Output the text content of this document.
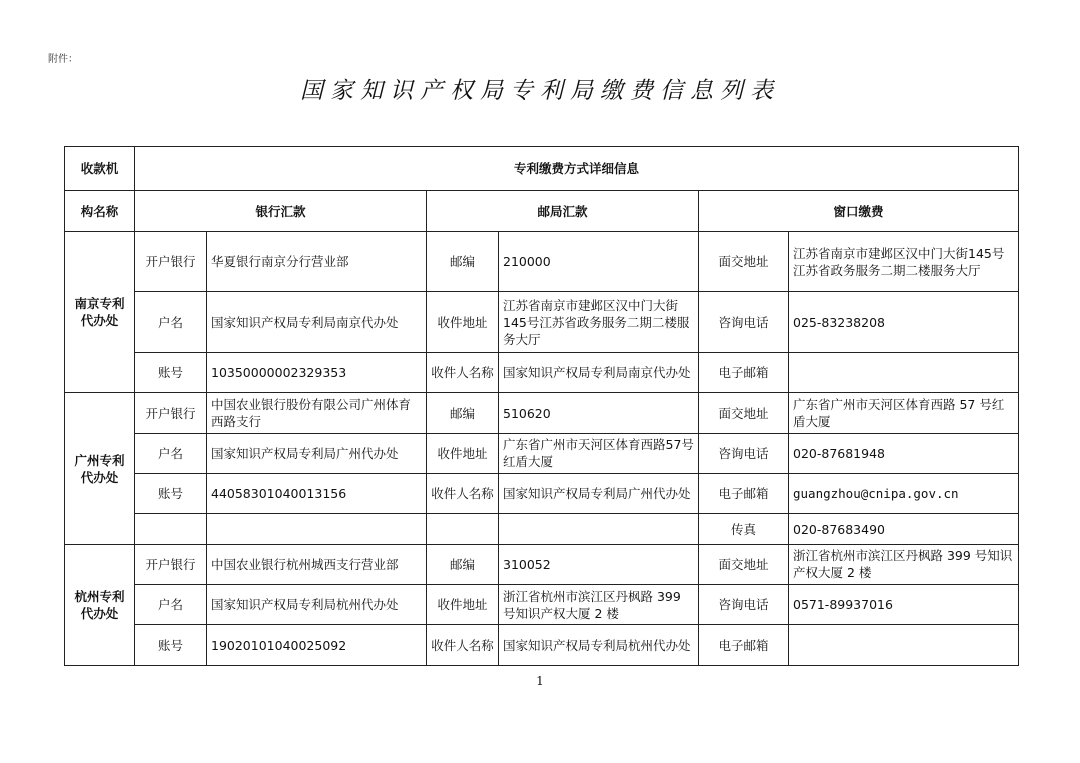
附件：
国家知识产权局专利局缴费信息列表
收款机	专利缴费方式详细信息					
构名称	银行汇款		邮局汇款		窗口缴费	
南京专利代办处	开户银行	华夏银行南京分行营业部	邮编	210000	面交地址	江苏省南京市建邺区汉中门大街145号江苏省政务服务二期二楼服务大厅
	户名	国家知识产权局专利局南京代办处	收件地址	江苏省南京市建邺区汉中门大街145号江苏省政务服务二期二楼服务大厅	咨询电话	025-83238208
	账号	10350000002329353	收件人名称	国家知识产权局专利局南京代办处	电子邮箱	
广州专利代办处	开户银行	中国农业银行股份有限公司广州体育西路支行	邮编	510620	面交地址	广东省广州市天河区体育西路 57 号红盾大厦
	户名	国家知识产权局专利局广州代办处	收件地址	广东省广州市天河区体育西路57号红盾大厦	咨询电话	020-87681948
	账号	44058301040013156	收件人名称	国家知识产权局专利局广州代办处	电子邮箱	guangzhou@cnipa.gov.cn
					传真	020-87683490
杭州专利代办处	开户银行	中国农业银行杭州城西支行营业部	邮编	310052	面交地址	浙江省杭州市滨江区丹枫路 399 号知识产权大厦 2 楼
	户名	国家知识产权局专利局杭州代办处	收件地址	浙江省杭州市滨江区丹枫路 399 号知识产权大厦 2 楼	咨询电话	0571-89937016
	账号	19020101040025092	收件人名称	国家知识产权局专利局杭州代办处	电子邮箱	
1
